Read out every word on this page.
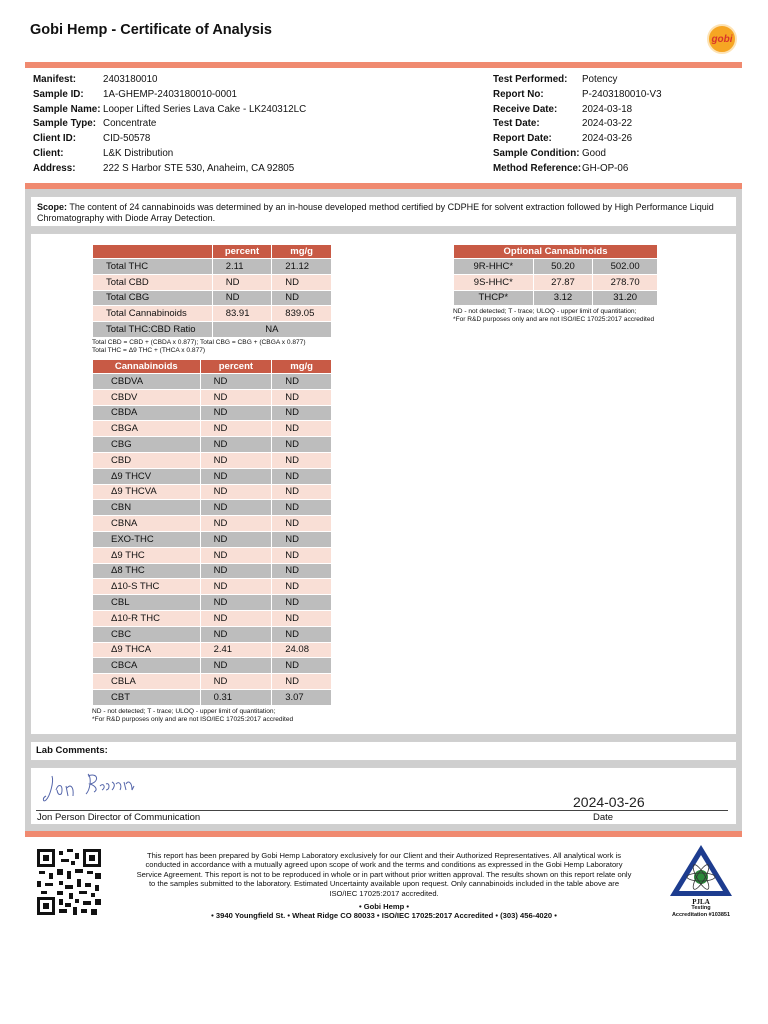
Gobi Hemp - Certificate of Analysis
gobi
Manifest:	2403180010
Sample ID:	1A-GHEMP-2403180010-0001
Sample Name: Looper Lifted Series Lava Cake - LK240312LC
Sample Type: Concentrate
Client ID:	CID-50578
Client:	L&K Distribution
Address:	222 S Harbor STE 530, Anaheim, CA 92805
Test Performed:	Potency
Report No:	P-2403180010-V3
Receive Date:	2024-03-18
Test Date:	2024-03-22
Report Date:	2024-03-26
Sample Condition: Good
Method Reference: GH-OP-06
Scope: The content of 24 cannabinoids was determined by an in-house developed method certified by CDPHE for solvent extraction followed by High Performance Liquid Chromatography with Diode Array Detection.
	percent	mg/g
Total THC	2.11	21.12
Total CBD	ND	ND
Total CBG	ND	ND
Total Cannabinoids	83.91	839.05
Total THC:CBD Ratio	NA	
Total CBD = CBD + (CBDA x 0.877); Total CBG = CBG + (CBGA x 0.877)
Total THC = Δ9 THC + (THCA x 0.877)
Cannabinoids	percent	mg/g
CBDVA	ND	ND
CBDV	ND	ND
CBDA	ND	ND
CBGA	ND	ND
CBG	ND	ND
CBD	ND	ND
Δ9 THCV	ND	ND
Δ9 THCVA	ND	ND
CBN	ND	ND
CBNA	ND	ND
EXO-THC	ND	ND
Δ9 THC	ND	ND
Δ8 THC	ND	ND
Δ10-S THC	ND	ND
CBL	ND	ND
Δ10-R THC	ND	ND
CBC	ND	ND
Δ9 THCA	2.41	24.08
CBCA	ND	ND
CBLA	ND	ND
CBT	0.31	3.07
ND - not detected; T - trace; ULOQ - upper limit of quantitation;
*For R&D purposes only and are not ISO/IEC 17025:2017 accredited
Optional Cannabinoids		
9R-HHC*	50.20	502.00
9S-HHC*	27.87	278.70
THCP*	3.12	31.20
ND - not detected; T - trace; ULOQ - upper limit of quantitation;
*For R&D purposes only and are not ISO/IEC 17025:2017 accredited
Lab Comments:
2024-03-26
Jon Person Director of Communication	Date
This report has been prepared by Gobi Hemp Laboratory exclusively for our Client and their Authorized Representatives. All analytical work is conducted in accordance with a mutually agreed upon scope of work and the terms and conditions as expressed in the Gobi Hemp Laboratory Service Agreement. This report is not to be reproduced in whole or in part without prior written approval. The results shown on this report relate only to the samples submitted to the laboratory. Estimated Uncertainty available upon request. Only cannabinoids included in the table above are ISO/IEC 17025:2017 accredited.
• Gobi Hemp •
• 3940 Youngfield St. • Wheat Ridge CO 80033 • ISO/IEC 17025:2017 Accredited • (303) 456-4020 •
PJLA
Testing
Accreditation #103851
